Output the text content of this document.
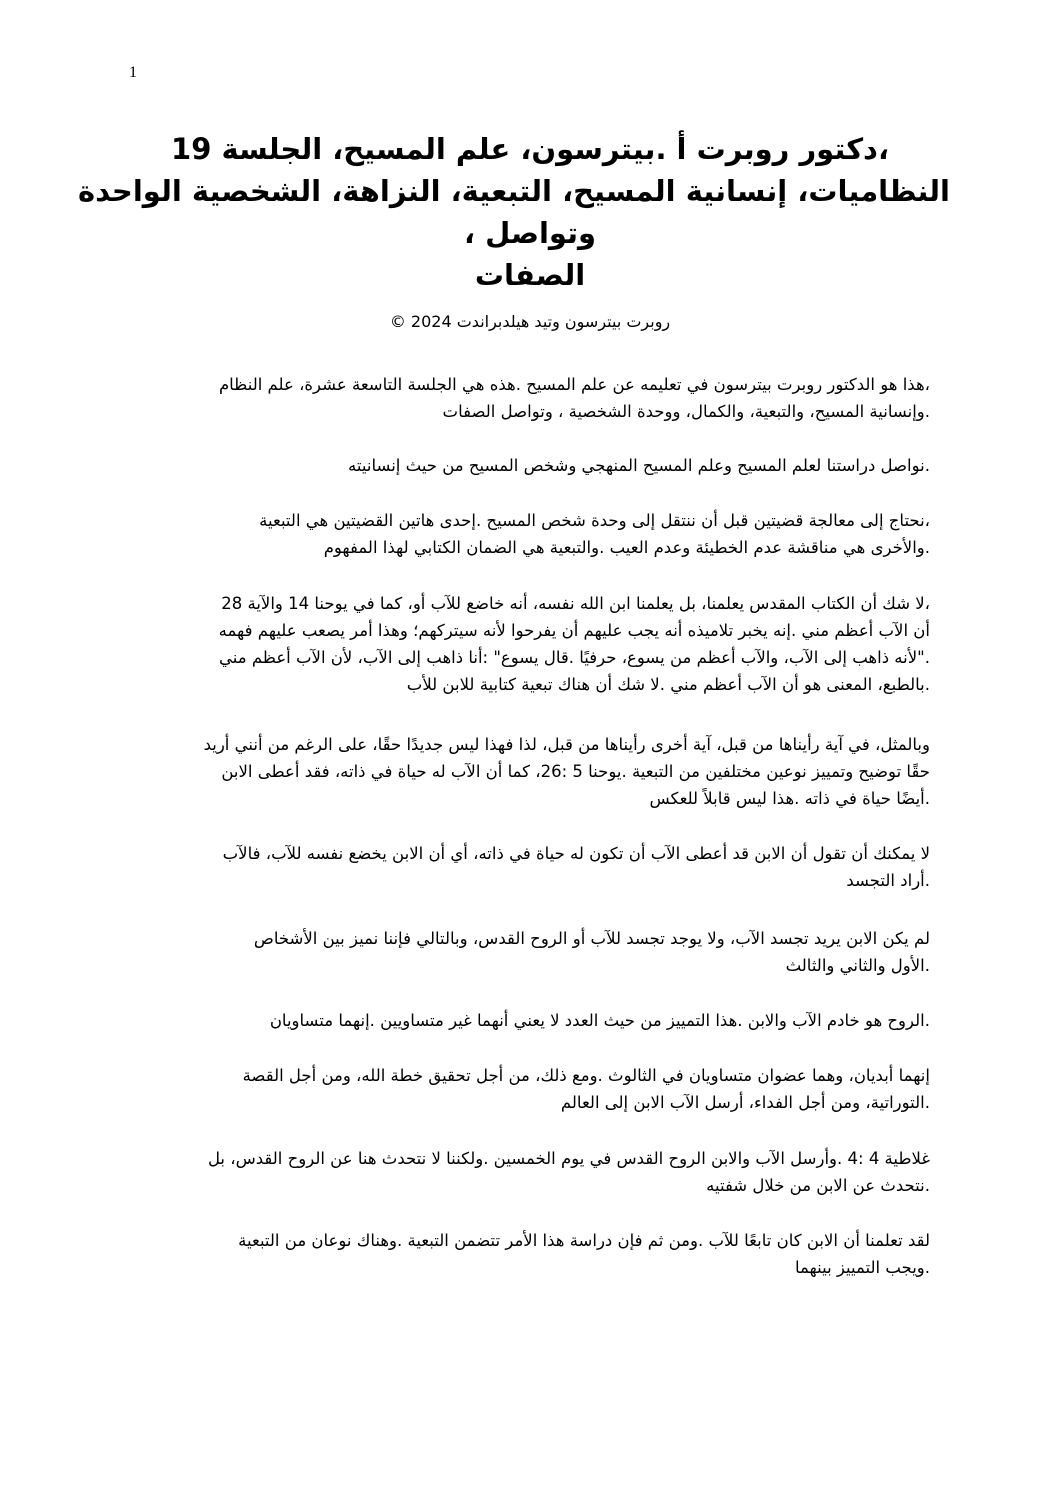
1
،دكتور روبرت أ .بيترسون، علم المسيح، الجلسة 19
النظاميات، إنسانية المسيح، التبعية، النزاهة، الشخصية الواحدة
وتواصل ،
الصفات
روبرت بيترسون وتيد هيلدبراندت 2024 ©
،هذا هو الدكتور روبرت بيترسون في تعليمه عن علم المسيح .هذه هي الجلسة التاسعة عشرة، علم النظام
.وإنسانية المسيح، والتبعية، والكمال، ووحدة الشخصية ، وتواصل الصفات
.نواصل دراستنا لعلم المسيح وعلم المسيح المنهجي وشخص المسيح من حيث إنسانيته
،نحتاج إلى معالجة قضيتين قبل أن ننتقل إلى وحدة شخص المسيح .إحدى هاتين القضيتين هي التبعية
.والأخرى هي مناقشة عدم الخطيئة وعدم العيب .والتبعية هي الضمان الكتابي لهذا المفهوم
،لا شك أن الكتاب المقدس يعلمنا، بل يعلمنا ابن الله نفسه، أنه خاضع للآب أو، كما في يوحنا 14 والآية 28
أن الآب أعظم مني .إنه يخبر تلاميذه أنه يجب عليهم أن يفرحوا لأنه سيتركهم؛ وهذا أمر يصعب عليهم فهمه
."لأنه ذاهب إلى الآب، والآب أعظم من يسوع، حرفيًا .قال يسوع" :أنا ذاهب إلى الآب، لأن الآب أعظم مني
.بالطبع، المعنى هو أن الآب أعظم مني .لا شك أن هناك تبعية كتابية للابن للأب
وبالمثل، في آية رأيناها من قبل، آية أخرى رأيناها من قبل، لذا فهذا ليس جديدًا حقًا، على الرغم من أنني أريد
حقًا توضيح وتمييز نوعين مختلفين من التبعية .يوحنا 5 :26، كما أن الآب له حياة في ذاته، فقد أعطى الابن
.أيضًا حياة في ذاته .هذا ليس قابلاً للعكس
لا يمكنك أن تقول أن الابن قد أعطى الآب أن تكون له حياة في ذاته، أي أن الابن يخضع نفسه للآب، فالآب
.أراد التجسد
لم يكن الابن يريد تجسد الآب، ولا يوجد تجسد للآب أو الروح القدس، وبالتالي فإننا نميز بين الأشخاص
.الأول والثاني والثالث
.الروح هو خادم الآب والابن .هذا التمييز من حيث العدد لا يعني أنهما غير متساويين .إنهما متساويان
إنهما أبديان، وهما عضوان متساويان في الثالوث .ومع ذلك، من أجل تحقيق خطة الله، ومن أجل القصة
.التوراتية، ومن أجل الفداء، أرسل الآب الابن إلى العالم
غلاطية 4 :4 .وأرسل الآب والابن الروح القدس في يوم الخمسين .ولكننا لا نتحدث هنا عن الروح القدس، بل
.نتحدث عن الابن من خلال شفتيه
لقد تعلمنا أن الابن كان تابعًا للآب .ومن ثم فإن دراسة هذا الأمر تتضمن التبعية .وهناك نوعان من التبعية
.ويجب التمييز بينهما
